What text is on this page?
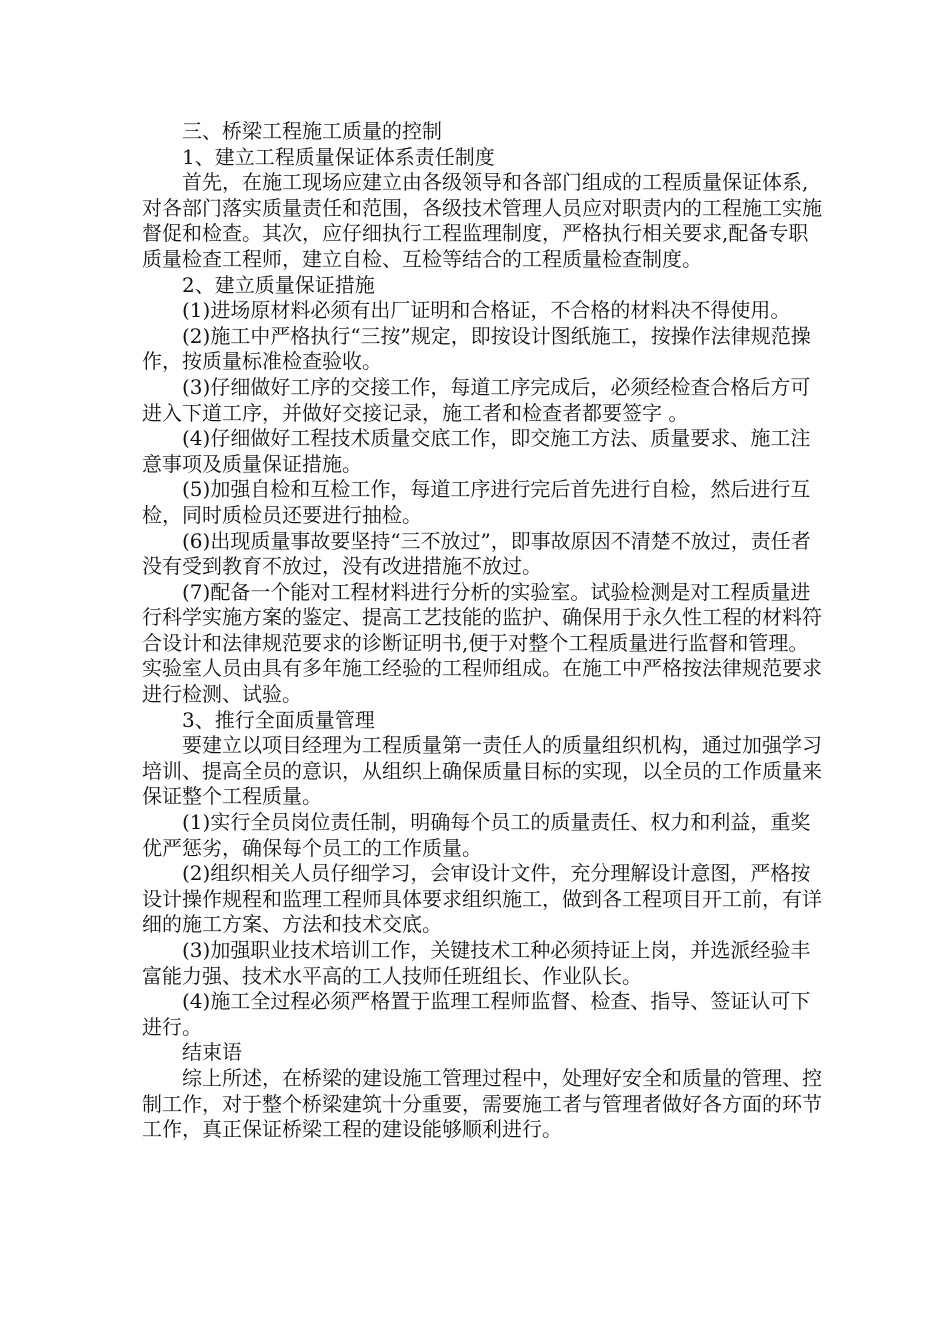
三、桥梁工程施工质量的控制

1、建立工程质量保证体系责任制度

首先，在施工现场应建立由各级领导和各部门组成的工程质量保证体系,对各部门落实质量责任和范围，各级技术管理人员应对职责内的工程施工实施督促和检查。其次，应仔细执行工程监理制度，严格执行相关要求,配备专职质量检查工程师，建立自检、互检等结合的工程质量检查制度。

2、建立质量保证措施

(1)进场原材料必须有出厂证明和合格证，不合格的材料决不得使用。

(2)施工中严格执行“三按”规定，即按设计图纸施工，按操作法律规范操作，按质量标准检查验收。

(3)仔细做好工序的交接工作，每道工序完成后，必须经检查合格后方可进入下道工序，并做好交接记录，施工者和检查者都要签字 。

(4)仔细做好工程技术质量交底工作，即交施工方法、质量要求、施工注意事项及质量保证措施。

(5)加强自检和互检工作，每道工序进行完后首先进行自检，然后进行互检，同时质检员还要进行抽检。

(6)出现质量事故要坚持“三不放过”，即事故原因不清楚不放过，责任者没有受到教育不放过，没有改进措施不放过。

(7)配备一个能对工程材料进行分析的实验室。试验检测是对工程质量进行科学实施方案的鉴定、提高工艺技能的监护、确保用于永久性工程的材料符合设计和法律规范要求的诊断证明书,便于对整个工程质量进行监督和管理。实验室人员由具有多年施工经验的工程师组成。在施工中严格按法律规范要求进行检测、试验。

3、推行全面质量管理

要建立以项目经理为工程质量第一责任人的质量组织机构，通过加强学习培训、提高全员的意识，从组织上确保质量目标的实现，以全员的工作质量来保证整个工程质量。

(1)实行全员岗位责任制，明确每个员工的质量责任、权力和利益，重奖优严惩劣，确保每个员工的工作质量。

(2)组织相关人员仔细学习，会审设计文件，充分理解设计意图，严格按设计操作规程和监理工程师具体要求组织施工，做到各工程项目开工前，有详细的施工方案、方法和技术交底。

(3)加强职业技术培训工作，关键技术工种必须持证上岗，并选派经验丰富能力强、技术水平高的工人技师任班组长、作业队长。

(4)施工全过程必须严格置于监理工程师监督、检查、指导、签证认可下进行。

结束语

综上所述，在桥梁的建设施工管理过程中，处理好安全和质量的管理、控制工作，对于整个桥梁建筑十分重要，需要施工者与管理者做好各方面的环节工作，真正保证桥梁工程的建设能够顺利进行。
